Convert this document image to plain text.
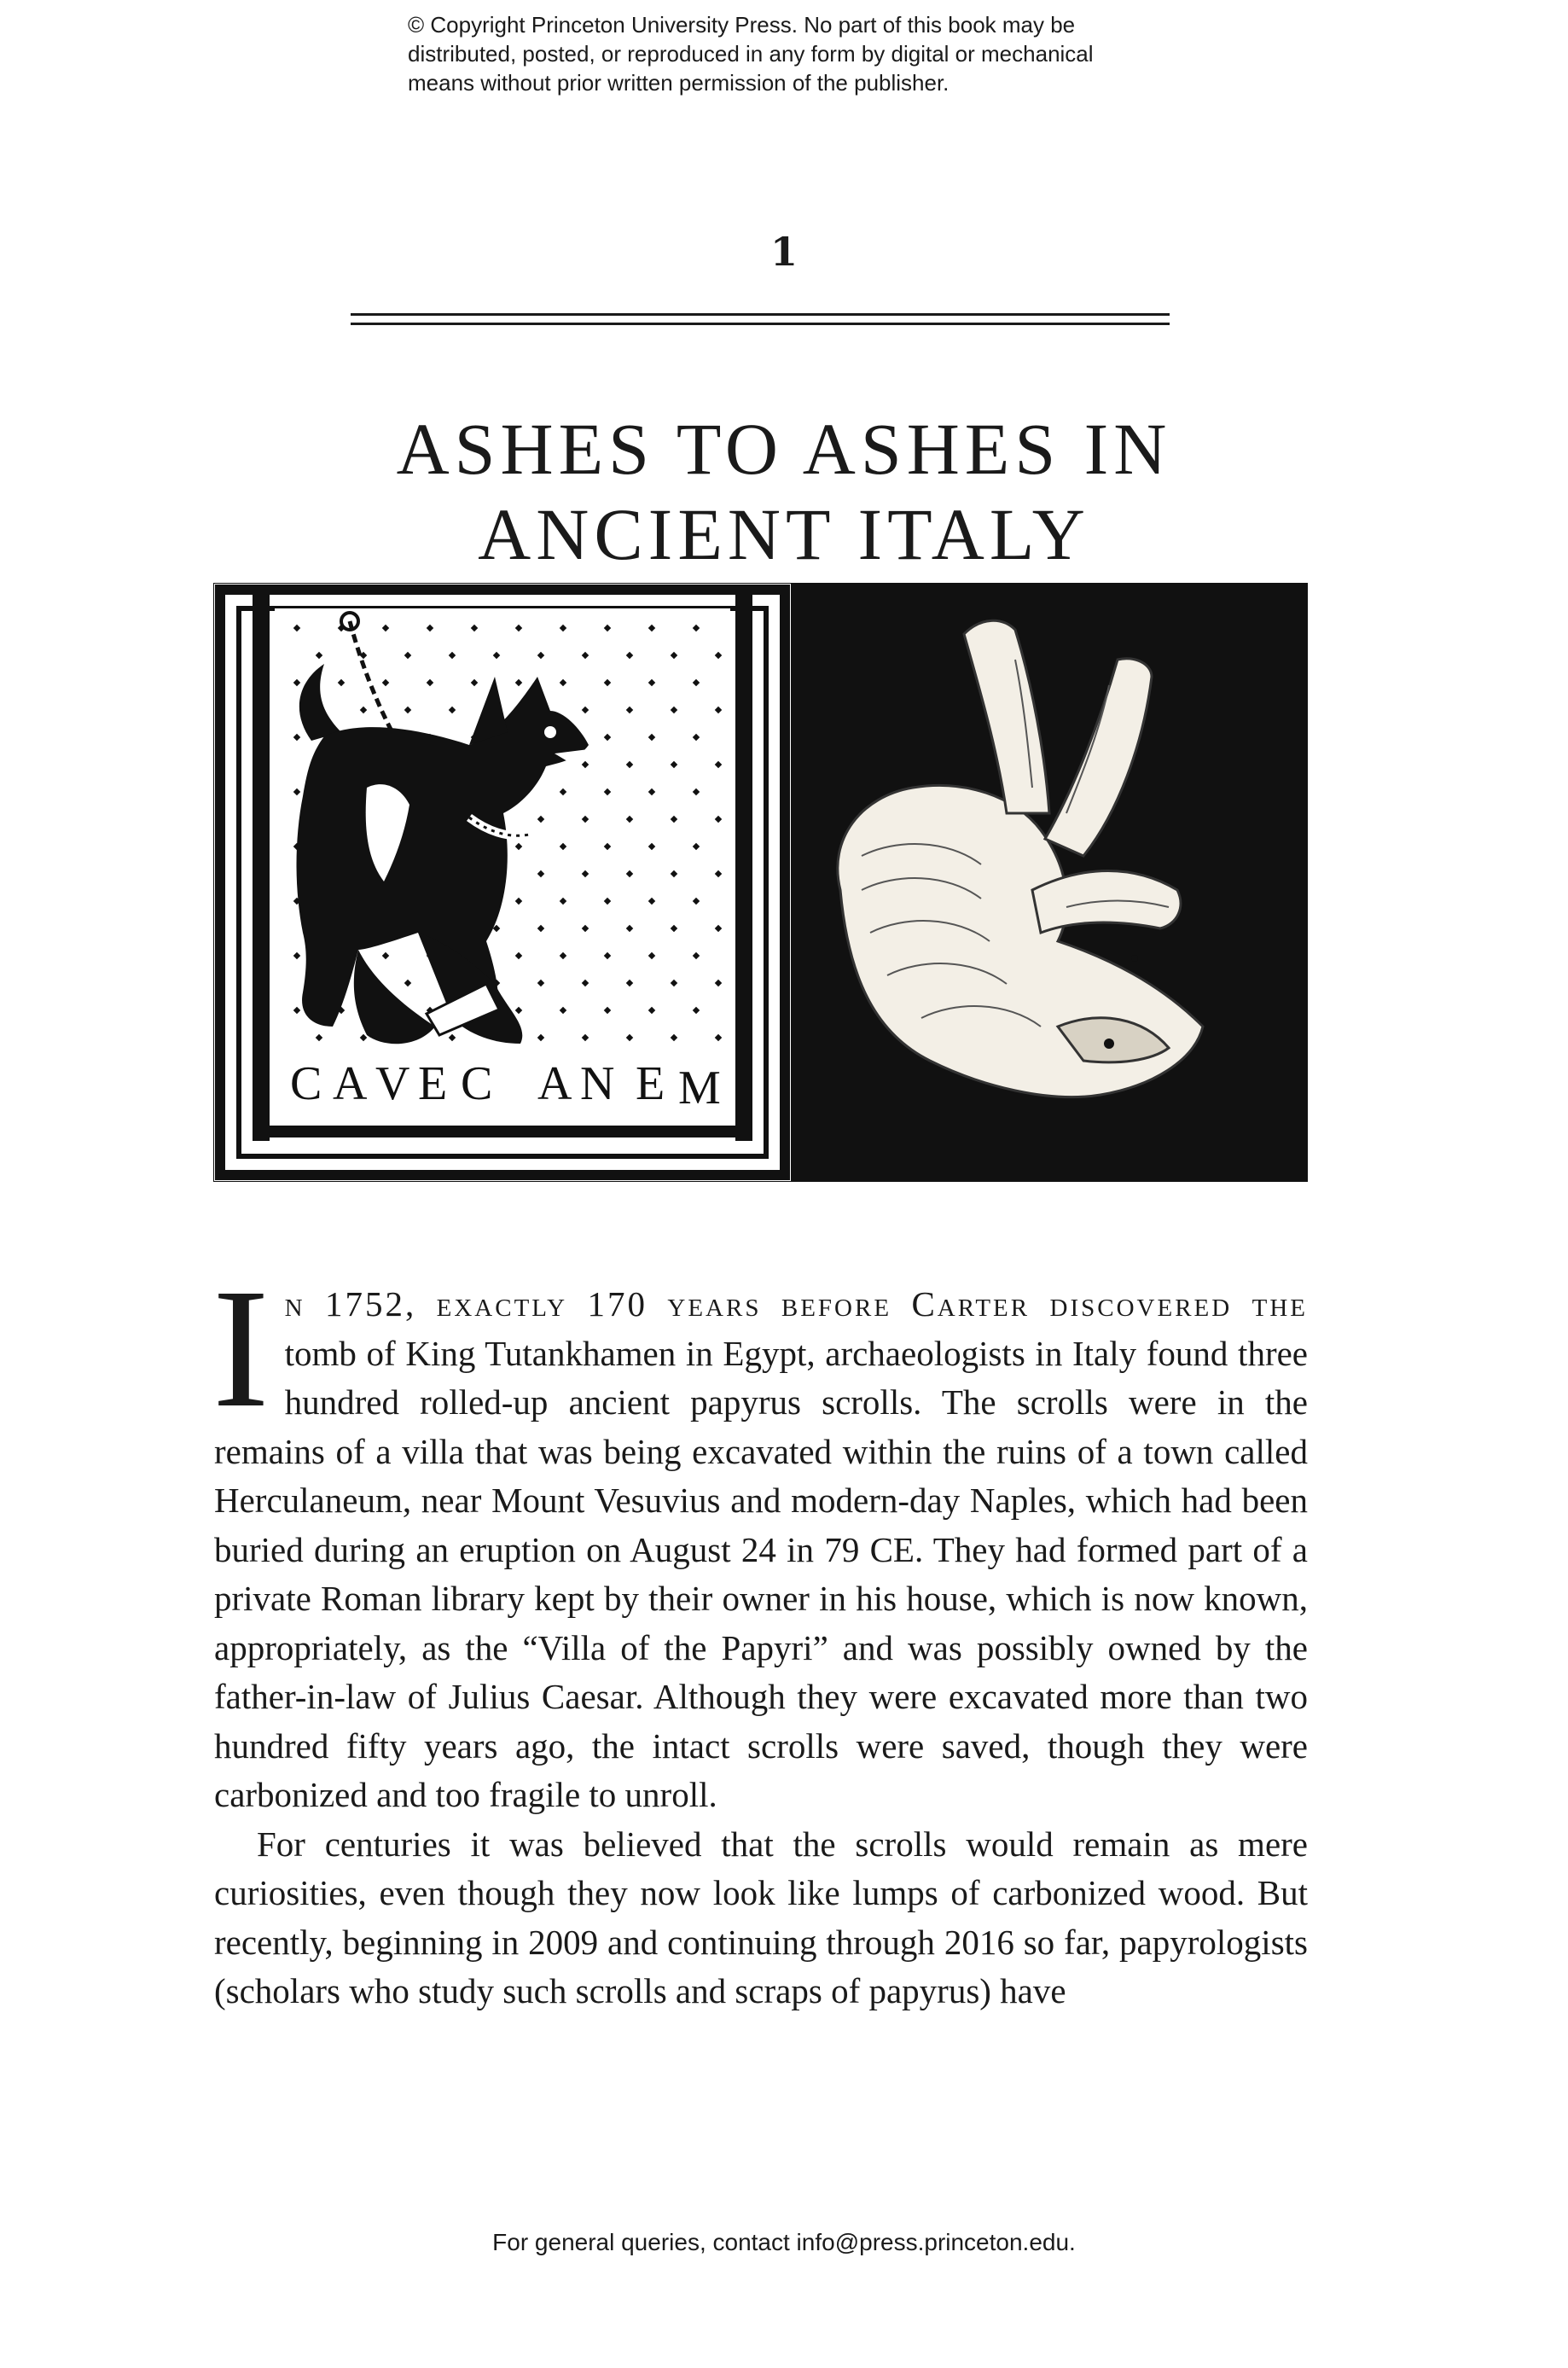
© Copyright Princeton University Press. No part of this book may be
distributed, posted, or reproduced in any form by digital or mechanical
means without prior written permission of the publisher.
1
ASHES TO ASHES IN
ANCIENT ITALY
C A V E C A N E M

I n 1752, exactly 170 years before Carter discovered the tomb of King Tutankhamen in Egypt, archaeologists in Italy found three hundred rolled-up ancient papyrus scrolls. The scrolls were in the remains of a villa that was being excavated within the ruins of a town called Herculaneum, near Mount Vesuvius and modern-day Naples, which had been buried during an eruption on August 24 in 79 CE. They had formed part of a private Roman library kept by their owner in his house, which is now known, appropriately, as the “Villa of the Papyri” and was possibly owned by the father-in-law of Julius Caesar. Although they were excavated more than two hundred fifty years ago, the intact scrolls were saved, though they were carbonized and too fragile to unroll.

For centuries it was believed that the scrolls would remain as mere curiosities, even though they now look like lumps of carbonized wood. But recently, beginning in 2009 and continuing through 2016 so far, papyrologists (scholars who study such scrolls and scraps of papyrus) have

For general queries, contact info@press.princeton.edu.
